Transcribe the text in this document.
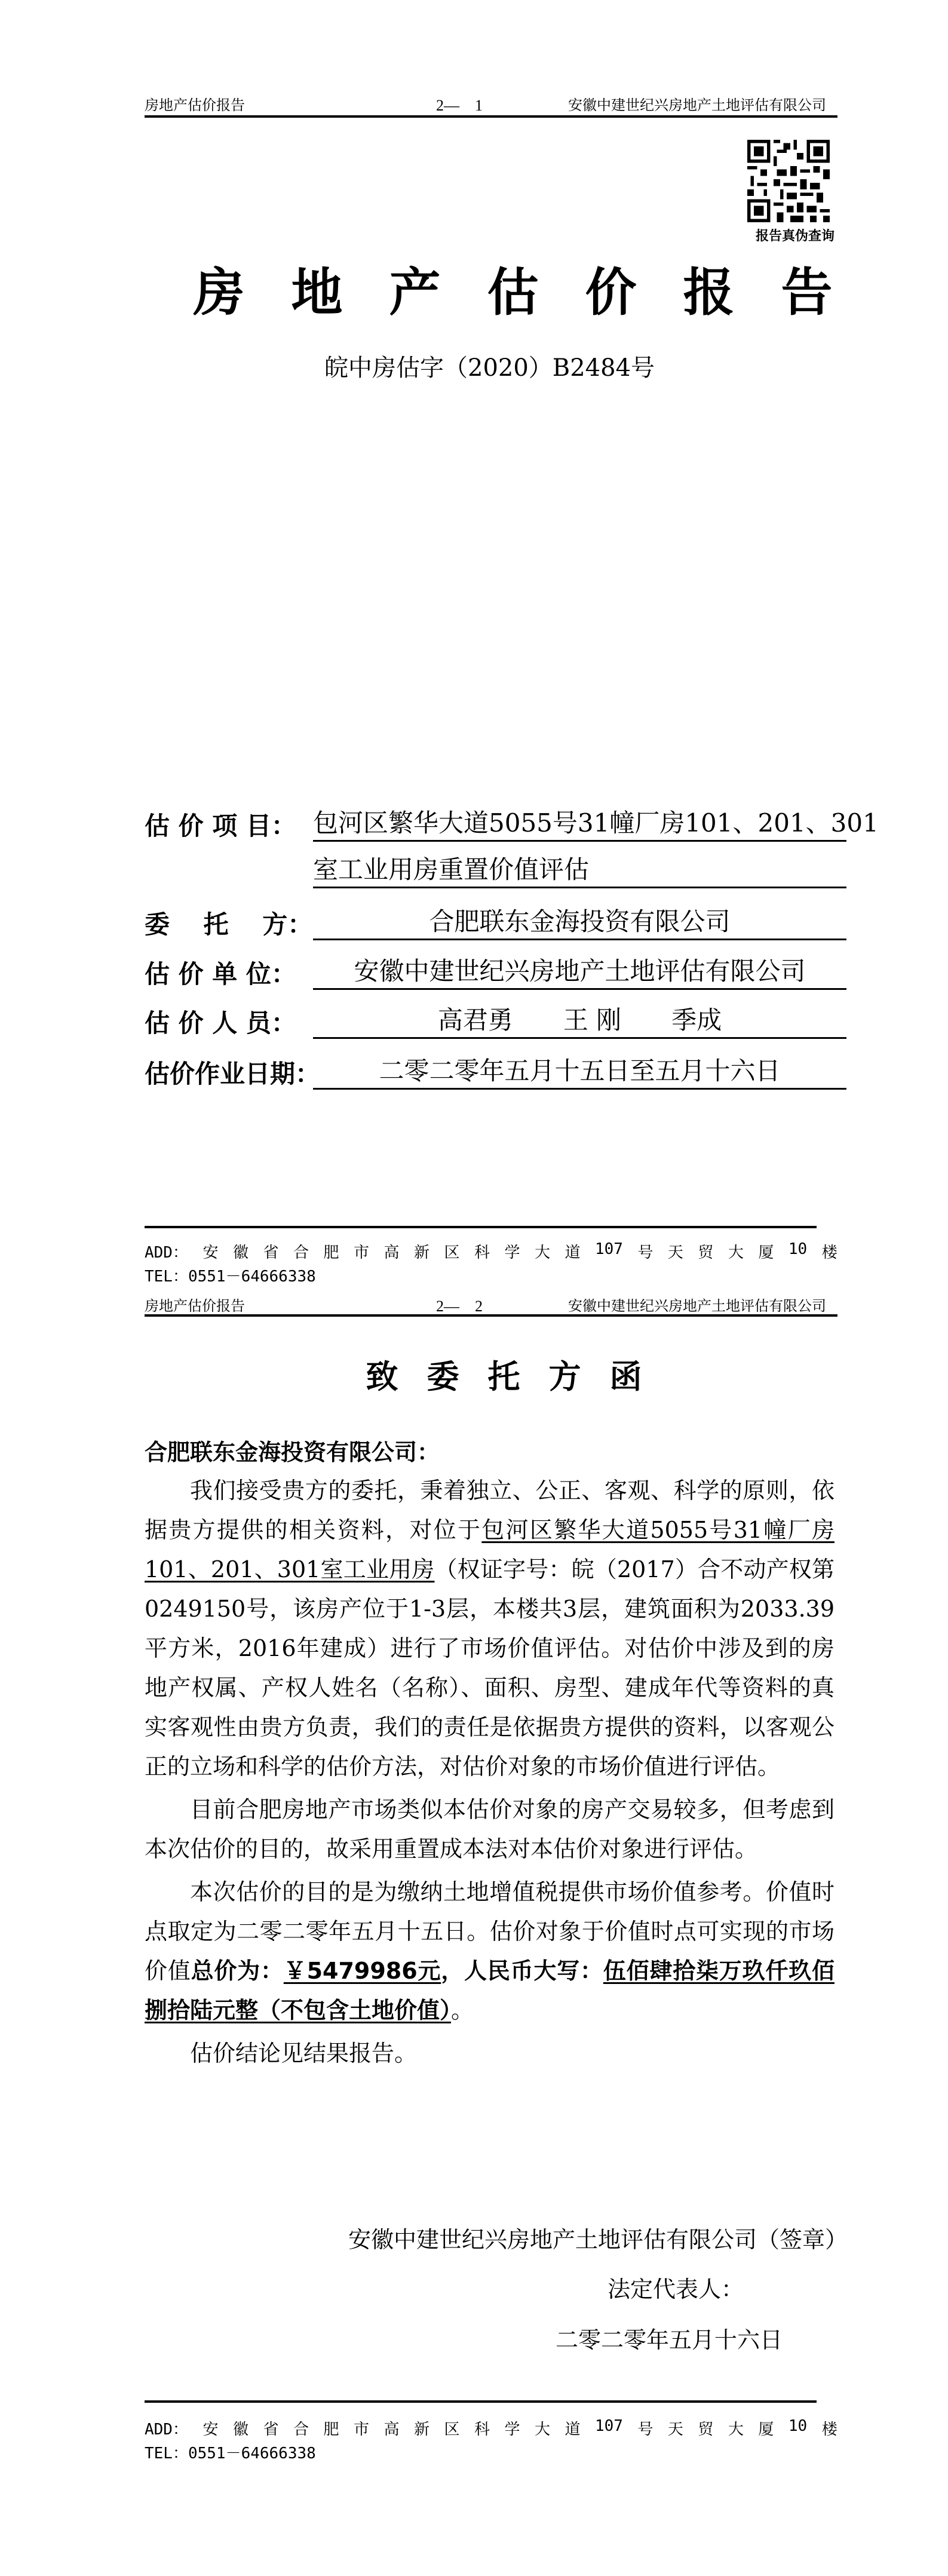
房地产估价报告	2—　1	安徽中建世纪兴房地产土地评估有限公司
报告真伪查询
房地产估价报告
皖中房估字（2020）B2484号
估 价 项 目： 包河区繁华大道5055号31幢厂房101、201、301
室工业用房重置价值评估
委　 托　 方：	合肥联东金海投资有限公司
估 价 单 位：	安徽中建世纪兴房地产土地评估有限公司
估 价 人 员：	高君勇　　王 刚　　季成
估价作业日期：	二零二零年五月十五日至五月十六日
ADD： 安 徽 省 合 肥 市 高 新 区 科 学 大 道 107 号 天 贸 大 厦 10 楼
TEL：0551－64666338
房地产估价报告	2—　2	安徽中建世纪兴房地产土地评估有限公司
致委托方函
合肥联东金海投资有限公司：

我们接受贵方的委托，秉着独立、公正、客观、科学的原则，依据贵方提供的相关资料，对位于包河区繁华大道5055号31幢厂房101、201、301室工业用房（权证字号：皖（2017）合不动产权第0249150号，该房产位于1-3层，本楼共3层，建筑面积为2033.39平方米，2016年建成）进行了市场价值评估。对估价中涉及到的房地产权属、产权人姓名（名称）、面积、房型、建成年代等资料的真实客观性由贵方负责，我们的责任是依据贵方提供的资料，以客观公正的立场和科学的估价方法，对估价对象的市场价值进行评估。

目前合肥房地产市场类似本估价对象的房产交易较多，但考虑到本次估价的目的，故采用重置成本法对本估价对象进行评估。

本次估价的目的是为缴纳土地增值税提供市场价值参考。价值时点取定为二零二零年五月十五日。估价对象于价值时点可实现的市场价值总价为：￥5479986元，人民币大写：伍佰肆拾柒万玖仟玖佰捌拾陆元整（不包含土地价值）。

估价结论见结果报告。

安徽中建世纪兴房地产土地评估有限公司（签章）
法定代表人：
二零二零年五月十六日
ADD： 安 徽 省 合 肥 市 高 新 区 科 学 大 道 107 号 天 贸 大 厦 10 楼
TEL：0551－64666338
